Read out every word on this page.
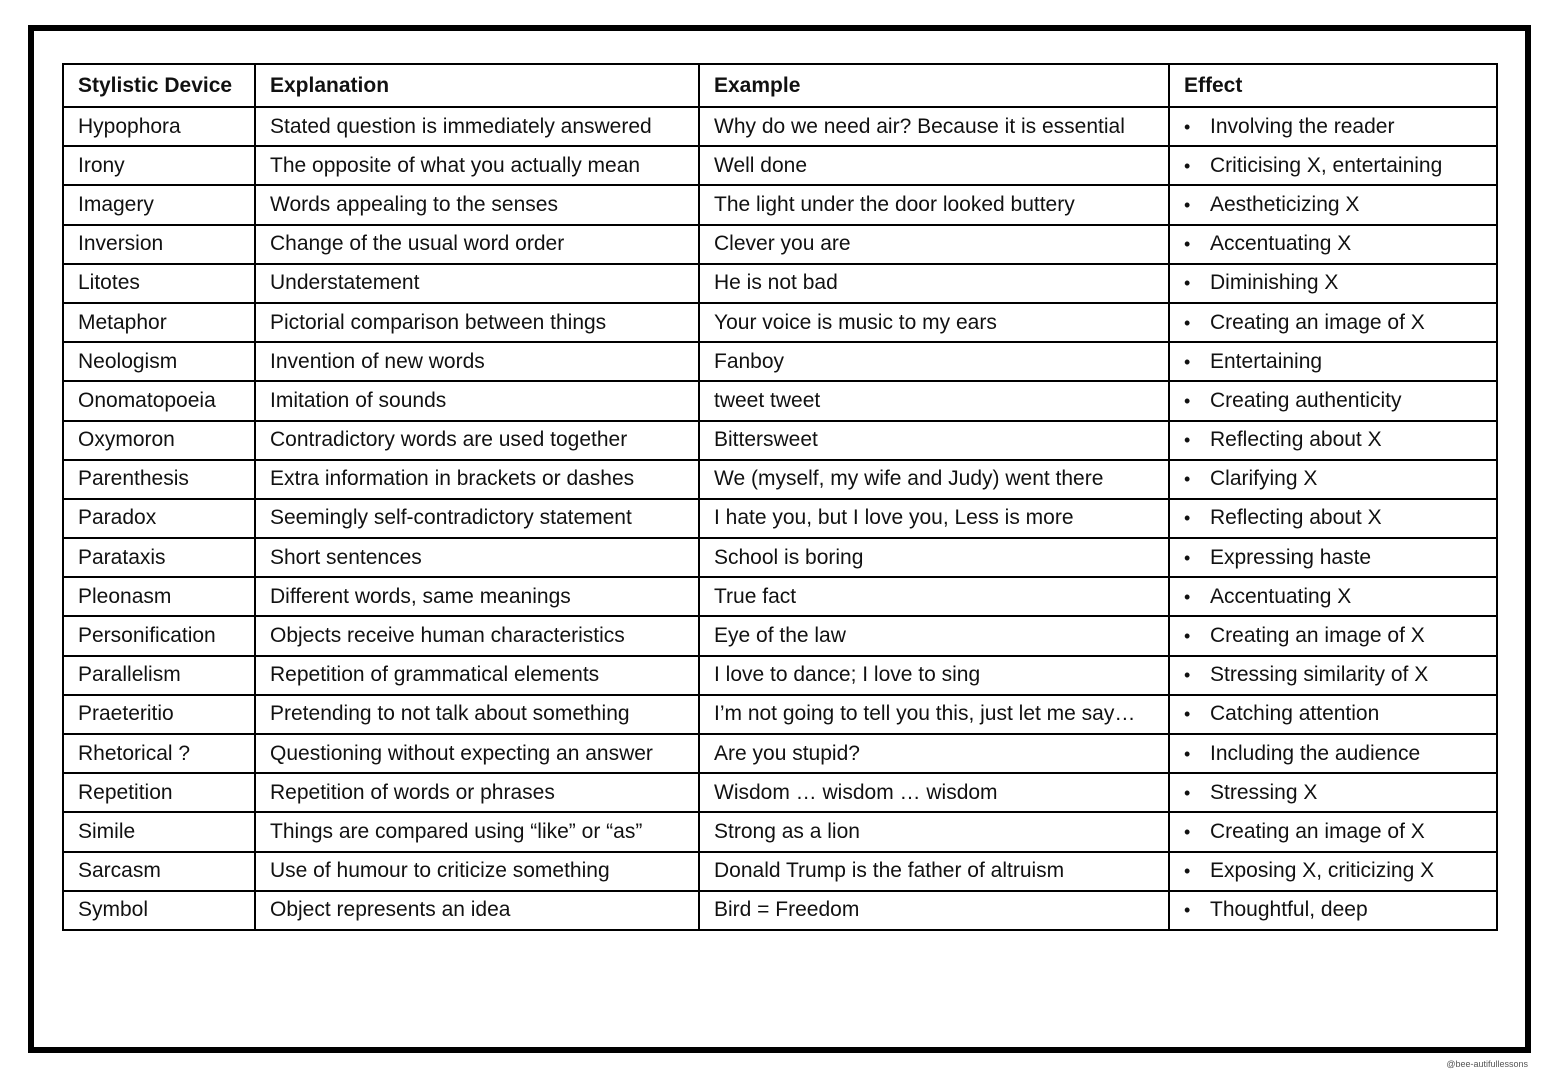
Stylistic Device	Explanation	Example	Effect
Hypophora	Stated question is immediately answered	Why do we need air? Because it is essential	• Involving the reader
Irony	The opposite of what you actually mean	Well done	• Criticising X, entertaining
Imagery	Words appealing to the senses	The light under the door looked buttery	• Aestheticizing X
Inversion	Change of the usual word order	Clever you are	• Accentuating X
Litotes	Understatement	He is not bad	• Diminishing X
Metaphor	Pictorial comparison between things	Your voice is music to my ears	• Creating an image of X
Neologism	Invention of new words	Fanboy	• Entertaining
Onomatopoeia	Imitation of sounds	tweet tweet	• Creating authenticity
Oxymoron	Contradictory words are used together	Bittersweet	• Reflecting about X
Parenthesis	Extra information in brackets or dashes	We (myself, my wife and Judy) went there	• Clarifying X
Paradox	Seemingly self-contradictory statement	I hate you, but I love you, Less is more	• Reflecting about X
Parataxis	Short sentences	School is boring	• Expressing haste
Pleonasm	Different words, same meanings	True fact	• Accentuating X
Personification	Objects receive human characteristics	Eye of the law	• Creating an image of X
Parallelism	Repetition of grammatical elements	I love to dance; I love to sing	• Stressing similarity of X
Praeteritio	Pretending to not talk about something	I’m not going to tell you this, just let me say…	• Catching attention
Rhetorical ?	Questioning without expecting an answer	Are you stupid?	• Including the audience
Repetition	Repetition of words or phrases	Wisdom … wisdom … wisdom	• Stressing X
Simile	Things are compared using “like” or “as”	Strong as a lion	• Creating an image of X
Sarcasm	Use of humour to criticize something	Donald Trump is the father of altruism	• Exposing X, criticizing X
Symbol	Object represents an idea	Bird = Freedom	• Thoughtful, deep
@bee-autifullessons
